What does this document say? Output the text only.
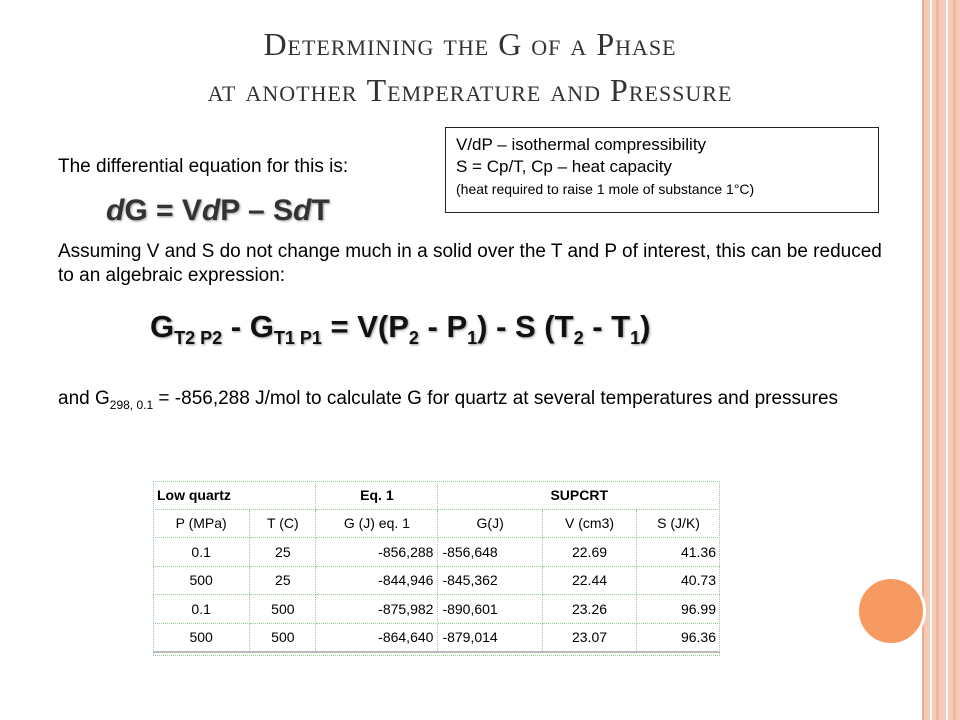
Determining the G of a Phase
at another Temperature and Pressure
The differential equation for this is:
dG = VdP – SdT
V/dP – isothermal compressibility
S = Cp/T, Cp – heat capacity
(heat required to raise 1 mole of substance 1°C)
Assuming V and S do not change much in a solid over the T and P of interest, this can be reduced to an algebraic expression:
$G_{T2 P2} - G_{T1 P1} = V(P_2 - P_1) - S$ $(T_2 - T_1)$
and $G_{298, 0.1} = -856,288$ J/mol to calculate G for quartz at several temperatures and pressures
Low quartz		Eq. 1	SUPCRT		
P (MPa)	T (C)	G (J) eq. 1	G(J)	V (cm3)	S (J/K)
0.1	25	-856,288	-856,648	22.69	41.36
500	25	-844,946	-845,362	22.44	40.73
0.1	500	-875,982	-890,601	23.26	96.99
500	500	-864,640	-879,014	23.07	96.36
